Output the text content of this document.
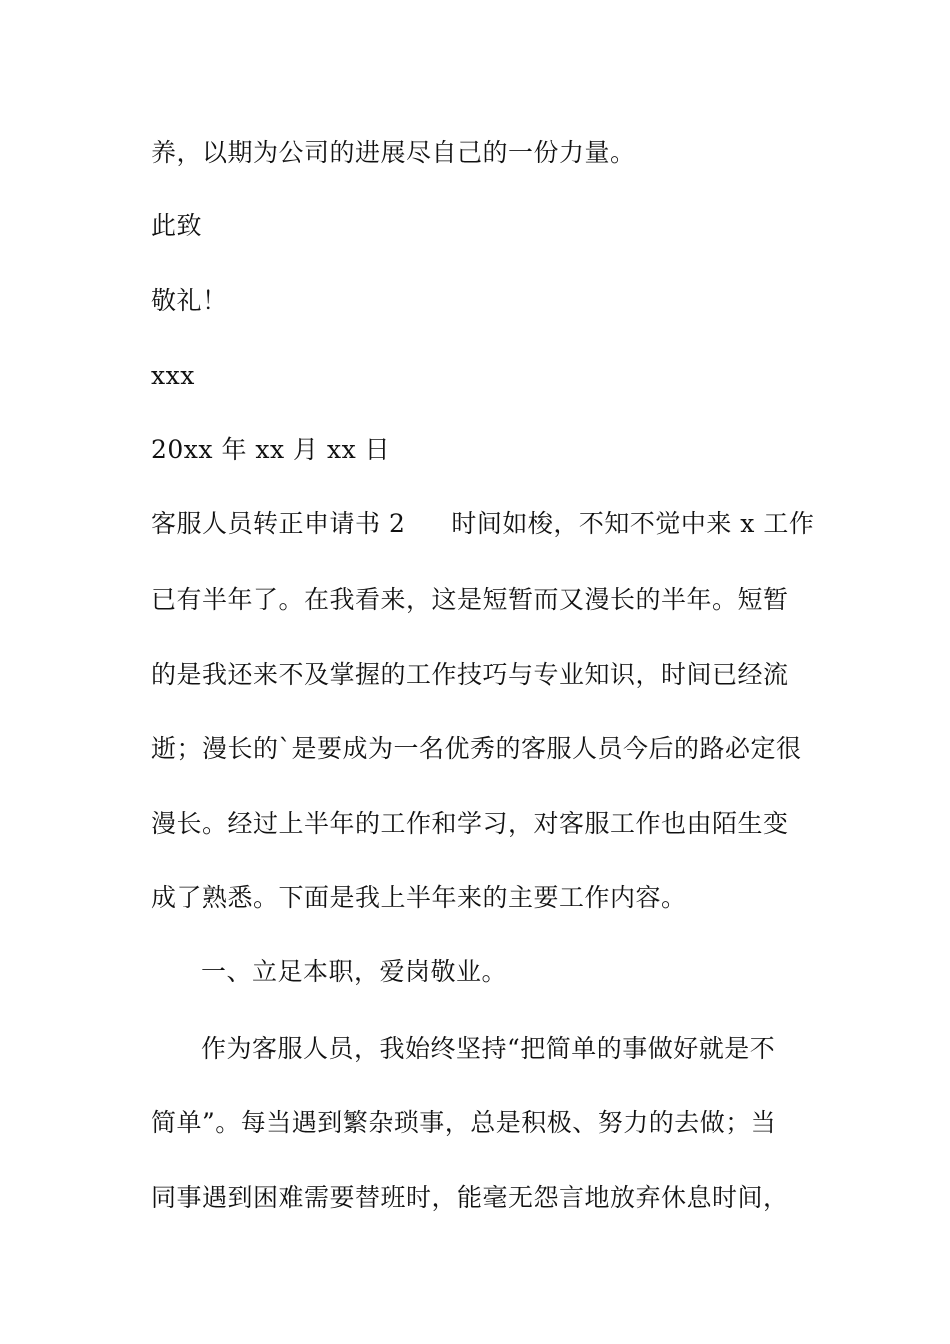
养，以期为公司的进展尽自己的一份力量。
此致
敬礼！
xxx
20xx 年 xx 月 xx 日
客服人员转正申请书 2 时间如梭，不知不觉中来 x 工作
已有半年了。在我看来，这是短暂而又漫长的半年。短暂
的是我还来不及掌握的工作技巧与专业知识，时间已经流
逝；漫长的`是要成为一名优秀的客服人员今后的路必定很
漫长。经过上半年的工作和学习，对客服工作也由陌生变
成了熟悉。下面是我上半年来的主要工作内容。
一、立足本职，爱岗敬业。
作为客服人员，我始终坚持“把简单的事做好就是不
简单”。每当遇到繁杂琐事，总是积极、努力的去做；当
同事遇到困难需要替班时，能毫无怨言地放弃休息时间，
